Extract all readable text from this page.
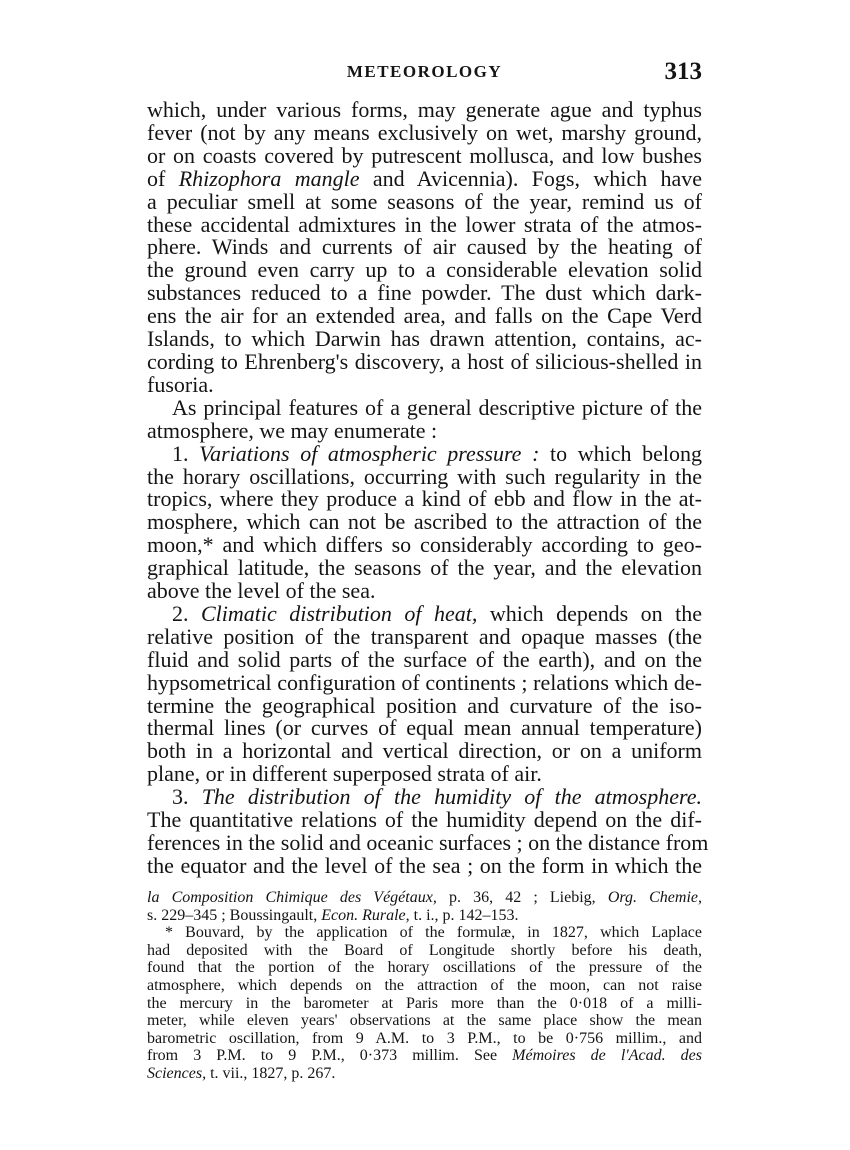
METEOROLOGY	313
which, under various forms, may generate ague and typhus
fever (not by any means exclusively on wet, marshy ground,
or on coasts covered by putrescent mollusca, and low bushes
of Rhizophora mangle and Avicennia). Fogs, which have
a peculiar smell at some seasons of the year, remind us of
these accidental admixtures in the lower strata of the atmos-
phere. Winds and currents of air caused by the heating of
the ground even carry up to a considerable elevation solid
substances reduced to a fine powder. The dust which dark-
ens the air for an extended area, and falls on the Cape Verd
Islands, to which Darwin has drawn attention, contains, ac-
cording to Ehrenberg's discovery, a host of silicious-shelled in
fusoria.
As principal features of a general descriptive picture of the
atmosphere, we may enumerate :
1. Variations of atmospheric pressure : to which belong
the horary oscillations, occurring with such regularity in the
tropics, where they produce a kind of ebb and flow in the at-
mosphere, which can not be ascribed to the attraction of the
moon,* and which differs so considerably according to geo-
graphical latitude, the seasons of the year, and the elevation
above the level of the sea.
2. Climatic distribution of heat, which depends on the
relative position of the transparent and opaque masses (the
fluid and solid parts of the surface of the earth), and on the
hypsometrical configuration of continents ; relations which de-
termine the geographical position and curvature of the iso-
thermal lines (or curves of equal mean annual temperature)
both in a horizontal and vertical direction, or on a uniform
plane, or in different superposed strata of air.
3. The distribution of the humidity of the atmosphere.
The quantitative relations of the humidity depend on the dif-
ferences in the solid and oceanic surfaces ; on the distance from
the equator and the level of the sea ; on the form in which the
la Composition Chimique des Végétaux, p. 36, 42 ; Liebig, Org. Chemie,
s. 229–345 ; Boussingault, Econ. Rurale, t. i., p. 142–153.
* Bouvard, by the application of the formulæ, in 1827, which Laplace
had deposited with the Board of Longitude shortly before his death,
found that the portion of the horary oscillations of the pressure of the
atmosphere, which depends on the attraction of the moon, can not raise
the mercury in the barometer at Paris more than the 0·018 of a milli-
meter, while eleven years' observations at the same place show the mean
barometric oscillation, from 9 A.M. to 3 P.M., to be 0·756 millim., and
from 3 P.M. to 9 P.M., 0·373 millim. See Mémoires de l'Acad. des
Sciences, t. vii., 1827, p. 267.
